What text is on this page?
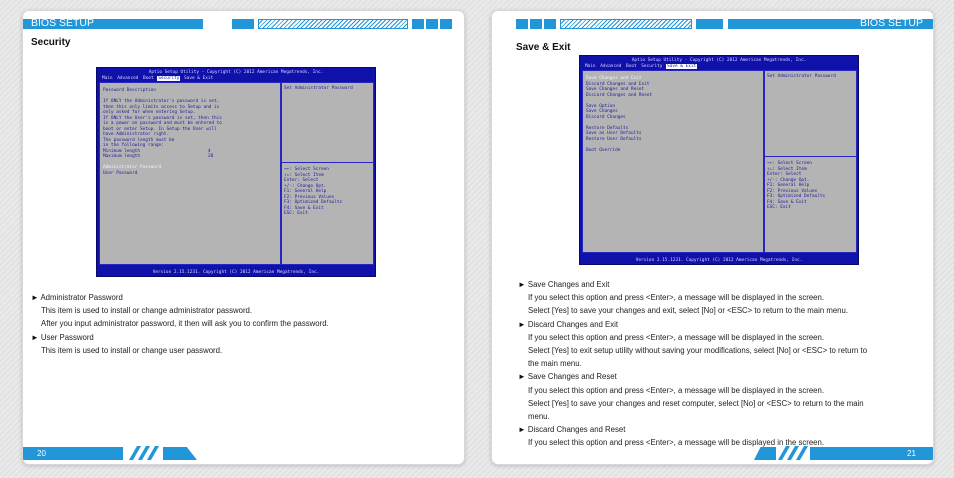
BIOS SETUP
Security
Aptio Setup Utility - Copyright (C) 2012 American Megatrends, Inc.
Main Advanced Boot Security Save & Exit
Password Description
If ONLY the Administrator's password is set,
then this only limits access to Setup and is
only asked for when entering Setup.
If ONLY the User's password is set, then this
is a power on password and must be entered to
boot or enter Setup. In Setup the User will
have Administrator right.
The password length must be
in the following range:
Minimum length	4
Maximum length	20
Administrator Password
User Password
Set Administrator Password
→←: Select Screen
↑↓: Select Item
Enter: Select
+/-: Change Opt.
F1: General Help
F2: Previous Values
F3: Optimized Defaults
F4: Save & Exit
ESC: Exit
Version 2.15.1231. Copyright (C) 2012 American Megatrends, Inc.
► Administrator Password
This item is used to install or change administrator password.
After you input administrator password, it then will ask you to confirm the password.
► User Password
This item is used to install or change user password.
20
BIOS SETUP
Save & Exit
Aptio Setup Utility - Copyright (C) 2012 American Megatrends, Inc.
Main Advanced Boot Security Save & Exit
Save Changes and Exit
Discard Changes and Exit
Save Changes and Reset
Discard Changes and Reset
Save Option
Save Changes
Discard Changes
Restore Defaults
Save as User Defaults
Restore User Defaults
Boot Override
Set Administrator Password
→←: Select Screen
↑↓: Select Item
Enter: Select
+/-: Change Opt.
F1: General Help
F2: Previous Values
F3: Optimized Defaults
F4: Save & Exit
ESC: Exit
Version 2.15.1231. Copyright (C) 2012 American Megatrends, Inc.
► Save Changes and Exit
If you select this option and press <Enter>, a message will be displayed in the screen.
Select [Yes] to save your changes and exit, select [No] or <ESC> to return to the main menu.
► Discard Changes and Exit
If you select this option and press <Enter>, a message will be displayed in the screen.
Select [Yes] to exit setup utility without saving your modifications, select [No] or <ESC> to return to
the main menu.
► Save Changes and Reset
If you select this option and press <Enter>, a message will be displayed in the screen.
Select [Yes] to save your changes and reset computer, select [No] or <ESC> to return to the main
menu.
► Discard Changes and Reset
If you select this option and press <Enter>, a message will be displayed in the screen.
21
